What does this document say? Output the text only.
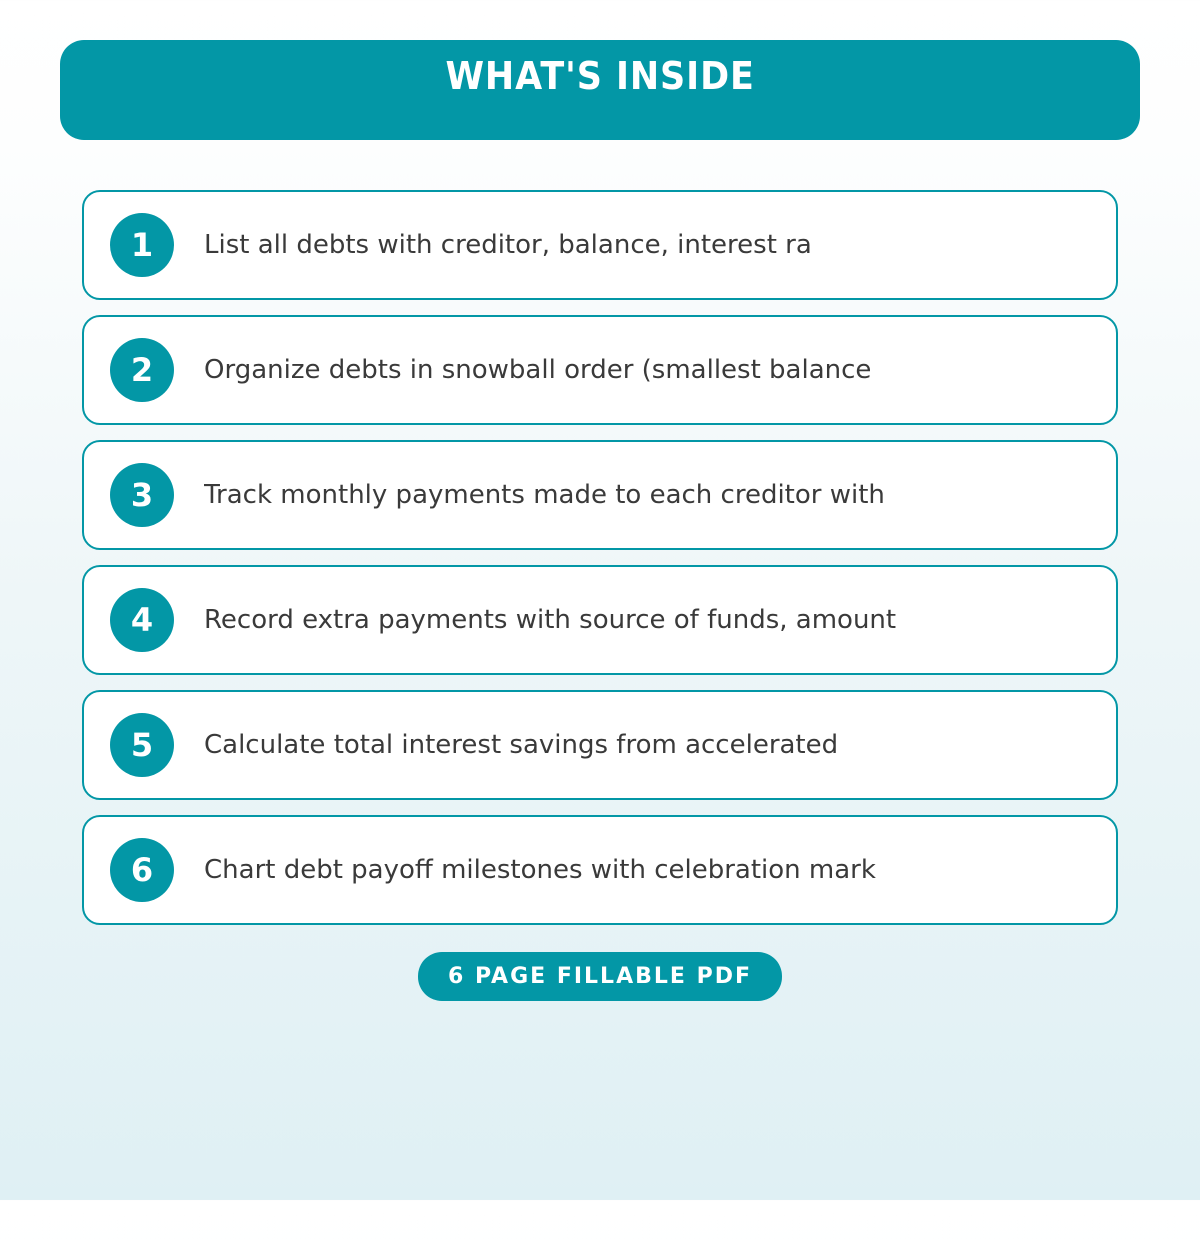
WHAT'S INSIDE
1	List all debts with creditor, balance, interest ra
2	Organize debts in snowball order (smallest balance
3	Track monthly payments made to each creditor with
4	Record extra payments with source of funds, amount
5	Calculate total interest savings from accelerated
6	Chart debt payoff milestones with celebration mark
6 PAGE FILLABLE PDF
